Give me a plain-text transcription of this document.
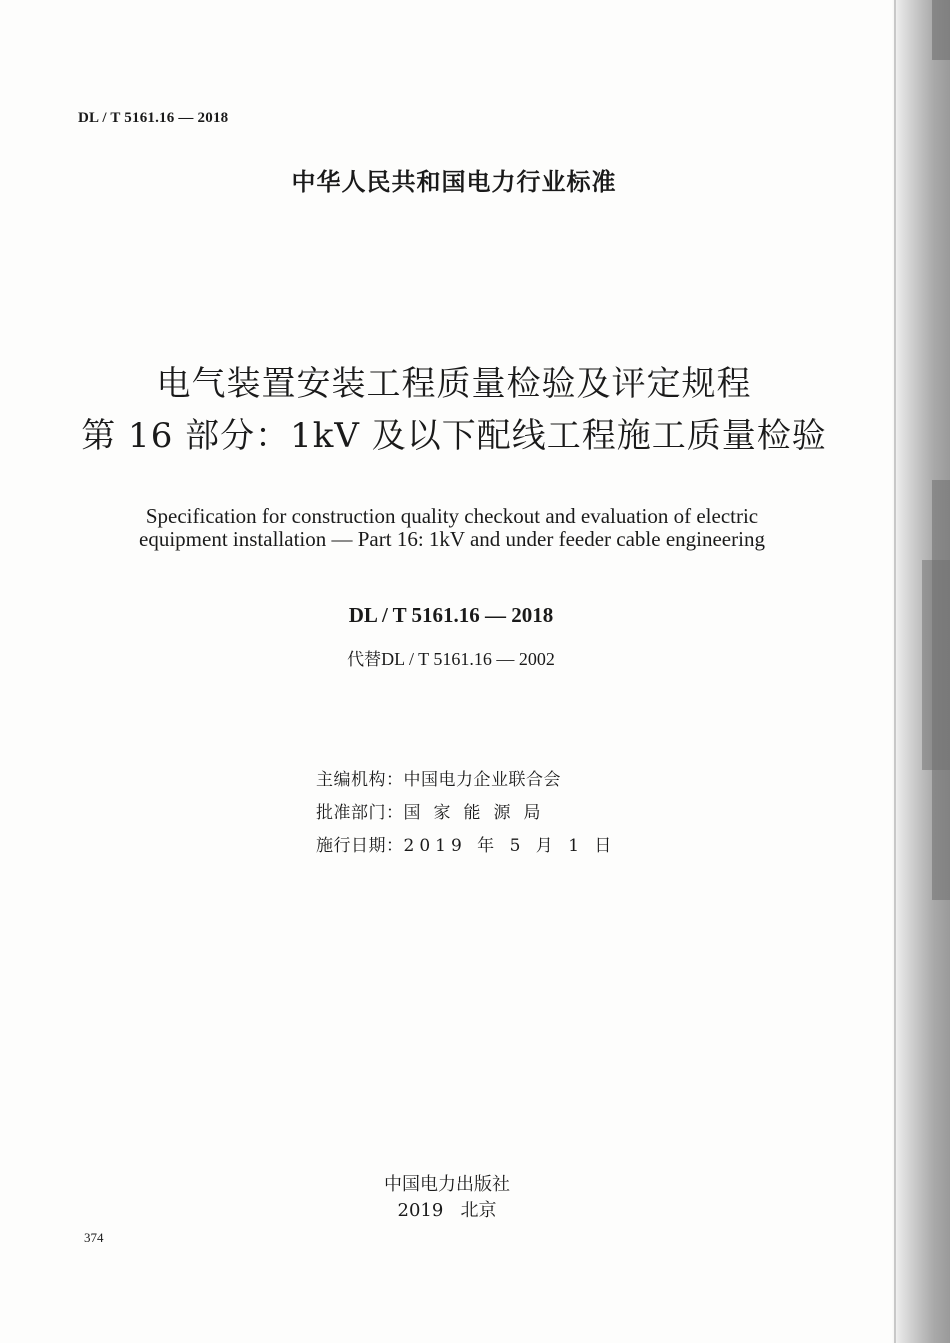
DL / T 5161.16 — 2018
中华人民共和国电力行业标准
电气装置安装工程质量检验及评定规程
第 16 部分：1kV 及以下配线工程施工质量检验
Specification for construction quality checkout and evaluation of electric
equipment installation — Part 16: 1kV and under feeder cable engineering
DL / T 5161.16 — 2018
代替DL / T 5161.16 — 2002
主编机构：中国电力企业联合会
批准部门：国家能源局
施行日期：2019 年 5 月 1 日
中国电力出版社
2019   北京
374
